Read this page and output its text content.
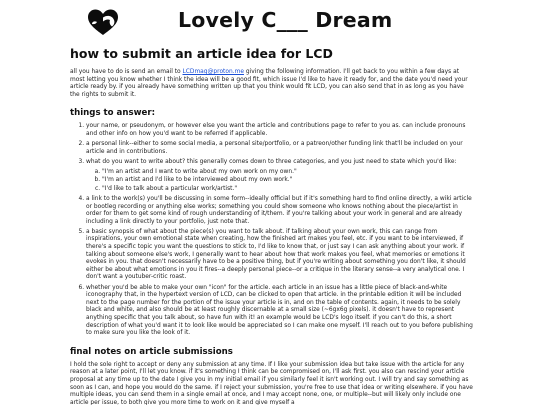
Lovely C___ Dream
how to submit an article idea for LCD

all you have to do is send an email to LCDmag@proton.me giving the following information. I'll get back to you within a few days at most letting you know whether I think the idea will be a good fit, which issue I'd like to have it ready for, and the date you'd need your article ready by. if you already have something written up that you think would fit LCD, you can also send that in as long as you have the rights to submit it.

things to answer:
1. your name, or pseudonym, or however else you want the article and contributions page to refer to you as. can include pronouns and other info on how you'd want to be referred if applicable.
2. a personal link--either to some social media, a personal site/portfolio, or a patreon/other funding link that'll be included on your article and in contributions.
3. what do you want to write about? this generally comes down to three categories, and you just need to state which you'd like:
a. "I'm an artist and I want to write about my own work on my own."
b. "I'm an artist and I'd like to be interviewed about my own work."
c. "I'd like to talk about a particular work/artist."
4. a link to the work(s) you'll be discussing in some form--ideally official but if it's something hard to find online directly, a wiki article or bootleg recording or anything else works; something you could show someone who knows nothing about the piece/artist in order for them to get some kind of rough understanding of it/them. if you're talking about your work in general and are already including a link directly to your portfolio, just note that.
5. a basic synopsis of what about the piece(s) you want to talk about. if talking about your own work, this can range from inspirations, your own emotional state when creating, how the finished art makes you feel, etc. if you want to be interviewed, if there's a specific topic you want the questions to stick to, I'd like to know that, or just say I can ask anything about your work. if talking about someone else's work, I generally want to hear about how that work makes you feel, what memories or emotions it evokes in you. that doesn't necessarily have to be a positive thing, but if you're writing about something you don't like, it should either be about what emotions in you it fires--a deeply personal piece--or a critique in the literary sense--a very analytical one. I don't want a youtuber-critic roast.
6. whether you'd be able to make your own "icon" for the article. each article in an issue has a little piece of black-and-white iconography that, in the hypertext version of LCD, can be clicked to open that article. in the printable edition it will be included next to the page number for the portion of the issue your article is in, and on the table of contents. again, it needs to be solely black and white, and also should be at least roughly discernable at a small size (~6gx6g pixels). it doesn't have to represent anything specific that you talk about, so have fun with it! an example would be LCD's logo itself. if you can't do this, a short description of what you'd want it to look like would be appreciated so I can make one myself. I'll reach out to you before publishing to make sure you like the look of it.
final notes on article submissions

I hold the sole right to accept or deny any submission at any time. If I like your submission idea but take issue with the article for any reason at a later point, I'll let you know. if it's something I think can be compromised on, I'll ask first. you also can rescind your article proposal at any time up to the date I give you in my initial email if you similarly feel it isn't working out. I will try and say something as soon as I can, and hope you would do the same. if I reject your submission, you're free to use that idea or writing elsewhere. if you have multiple ideas, you can send them in a single email at once, and I may accept none, one, or multiple--but will likely only include one article per issue, to both give you more time to work on it and give myself a
